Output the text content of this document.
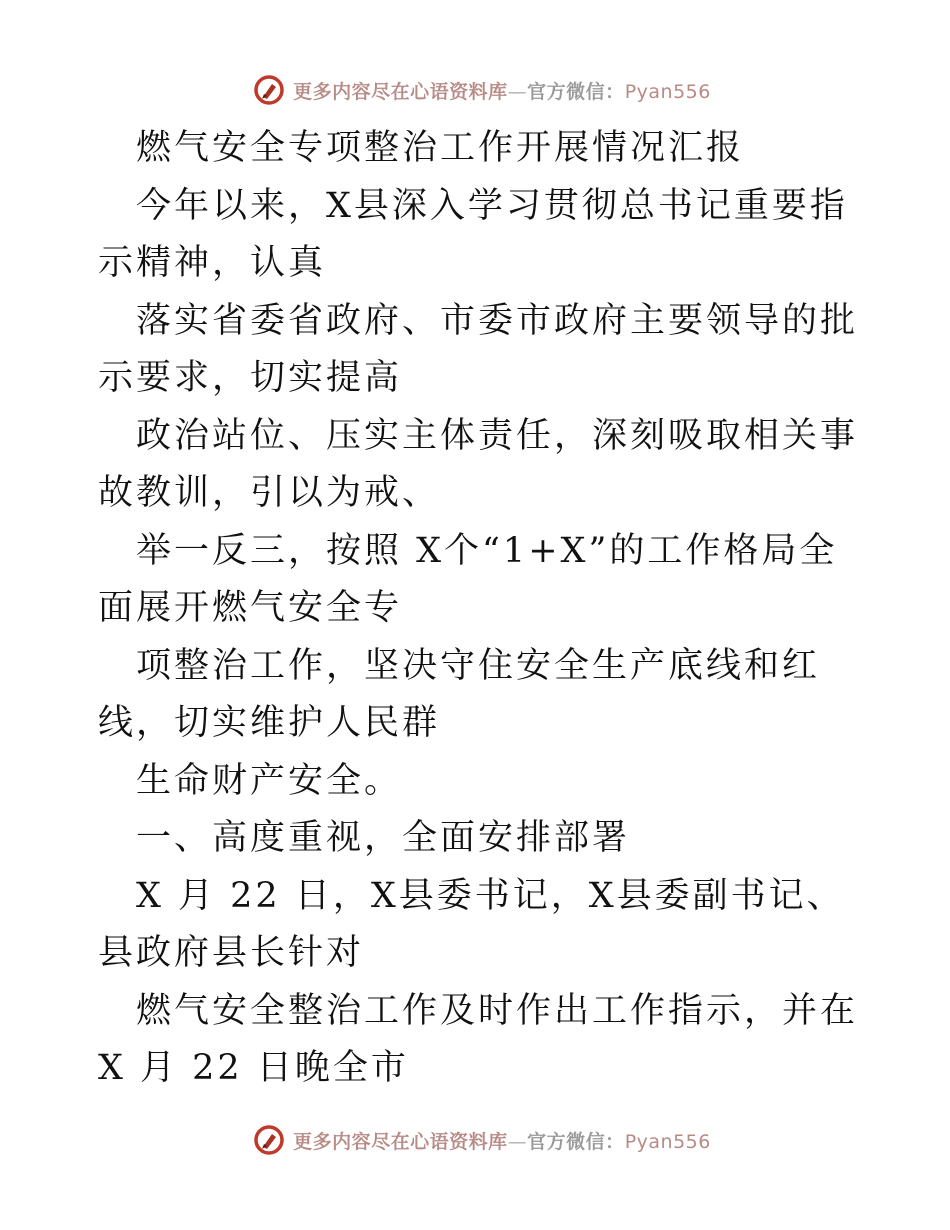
更多内容尽在心语资料库—官方微信：Pyan556

燃气安全专项整治工作开展情况汇报

今年以来，X县深入学习贯彻总书记重要指示精神，认真

落实省委省政府、市委市政府主要领导的批示要求，切实提高

政治站位、压实主体责任，深刻吸取相关事故教训，引以为戒、

举一反三，按照 X个“1+X”的工作格局全面展开燃气安全专

项整治工作，坚决守住安全生产底线和红线，切实维护人民群

生命财产安全。

一、高度重视，全面安排部署

X 月 22 日，X县委书记，X县委副书记、县政府县长针对

燃气安全整治工作及时作出工作指示，并在 X 月 22 日晚全市

更多内容尽在心语资料库—官方微信：Pyan556
